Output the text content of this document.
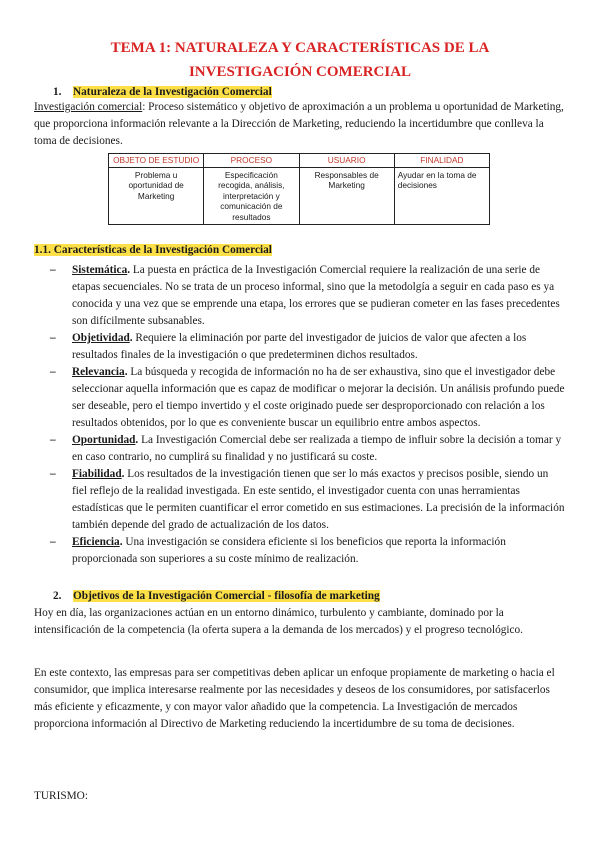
TEMA 1: NATURALEZA Y CARACTERÍSTICAS DE LA
INVESTIGACIÓN COMERCIAL
1. Naturaleza de la Investigación Comercial
Investigación comercial: Proceso sistemático y objetivo de aproximación a un problema u oportunidad de Marketing, que proporciona información relevante a la Dirección de Marketing, reduciendo la incertidumbre que conlleva la toma de decisiones.
OBJETO DE ESTUDIO	PROCESO	USUARIO	FINALIDAD
Problema u oportunidad de Marketing	Especificación recogida, análisis, interpretación y comunicación de resultados	Responsables de Marketing	Ayudar en la toma de decisiones
1.1. Características de la Investigación Comercial
– Sistemática. La puesta en práctica de la Investigación Comercial requiere la realización de una serie de etapas secuenciales. No se trata de un proceso informal, sino que la metodolgía a seguir en cada paso es ya conocida y una vez que se emprende una etapa, los errores que se pudieran cometer en las fases precedentes son difícilmente subsanables.
– Objetividad. Requiere la eliminación por parte del investigador de juicios de valor que afecten a los resultados finales de la investigación o que predeterminen dichos resultados.
– Relevancia. La búsqueda y recogida de información no ha de ser exhaustiva, sino que el investigador debe seleccionar aquella información que es capaz de modificar o mejorar la decisión. Un análisis profundo puede ser deseable, pero el tiempo invertido y el coste originado puede ser desproporcionado con relación a los resultados obtenidos, por lo que es conveniente buscar un equilibrio entre ambos aspectos.
– Oportunidad. La Investigación Comercial debe ser realizada a tiempo de influir sobre la decisión a tomar y en caso contrario, no cumplirá su finalidad y no justificará su coste.
– Fiabilidad. Los resultados de la investigación tienen que ser lo más exactos y precisos posible, siendo un fiel reflejo de la realidad investigada. En este sentido, el investigador cuenta con unas herramientas estadísticas que le permiten cuantificar el error cometido en sus estimaciones. La precisión de la información también depende del grado de actualización de los datos.
– Eficiencia. Una investigación se considera eficiente si los beneficios que reporta la información proporcionada son superiores a su coste mínimo de realización.
2. Objetivos de la Investigación Comercial - filosofía de marketing
Hoy en día, las organizaciones actúan en un entorno dinámico, turbulento y cambiante, dominado por la intensificación de la competencia (la oferta supera a la demanda de los mercados) y el progreso tecnológico.
En este contexto, las empresas para ser competitivas deben aplicar un enfoque propiamente de marketing o hacia el consumidor, que implica interesarse realmente por las necesidades y deseos de los consumidores, por satisfacerlos más eficiente y eficazmente, y con mayor valor añadido que la competencia. La Investigación de mercados proporciona información al Directivo de Marketing reduciendo la incertidumbre de su toma de decisiones.
TURISMO:
